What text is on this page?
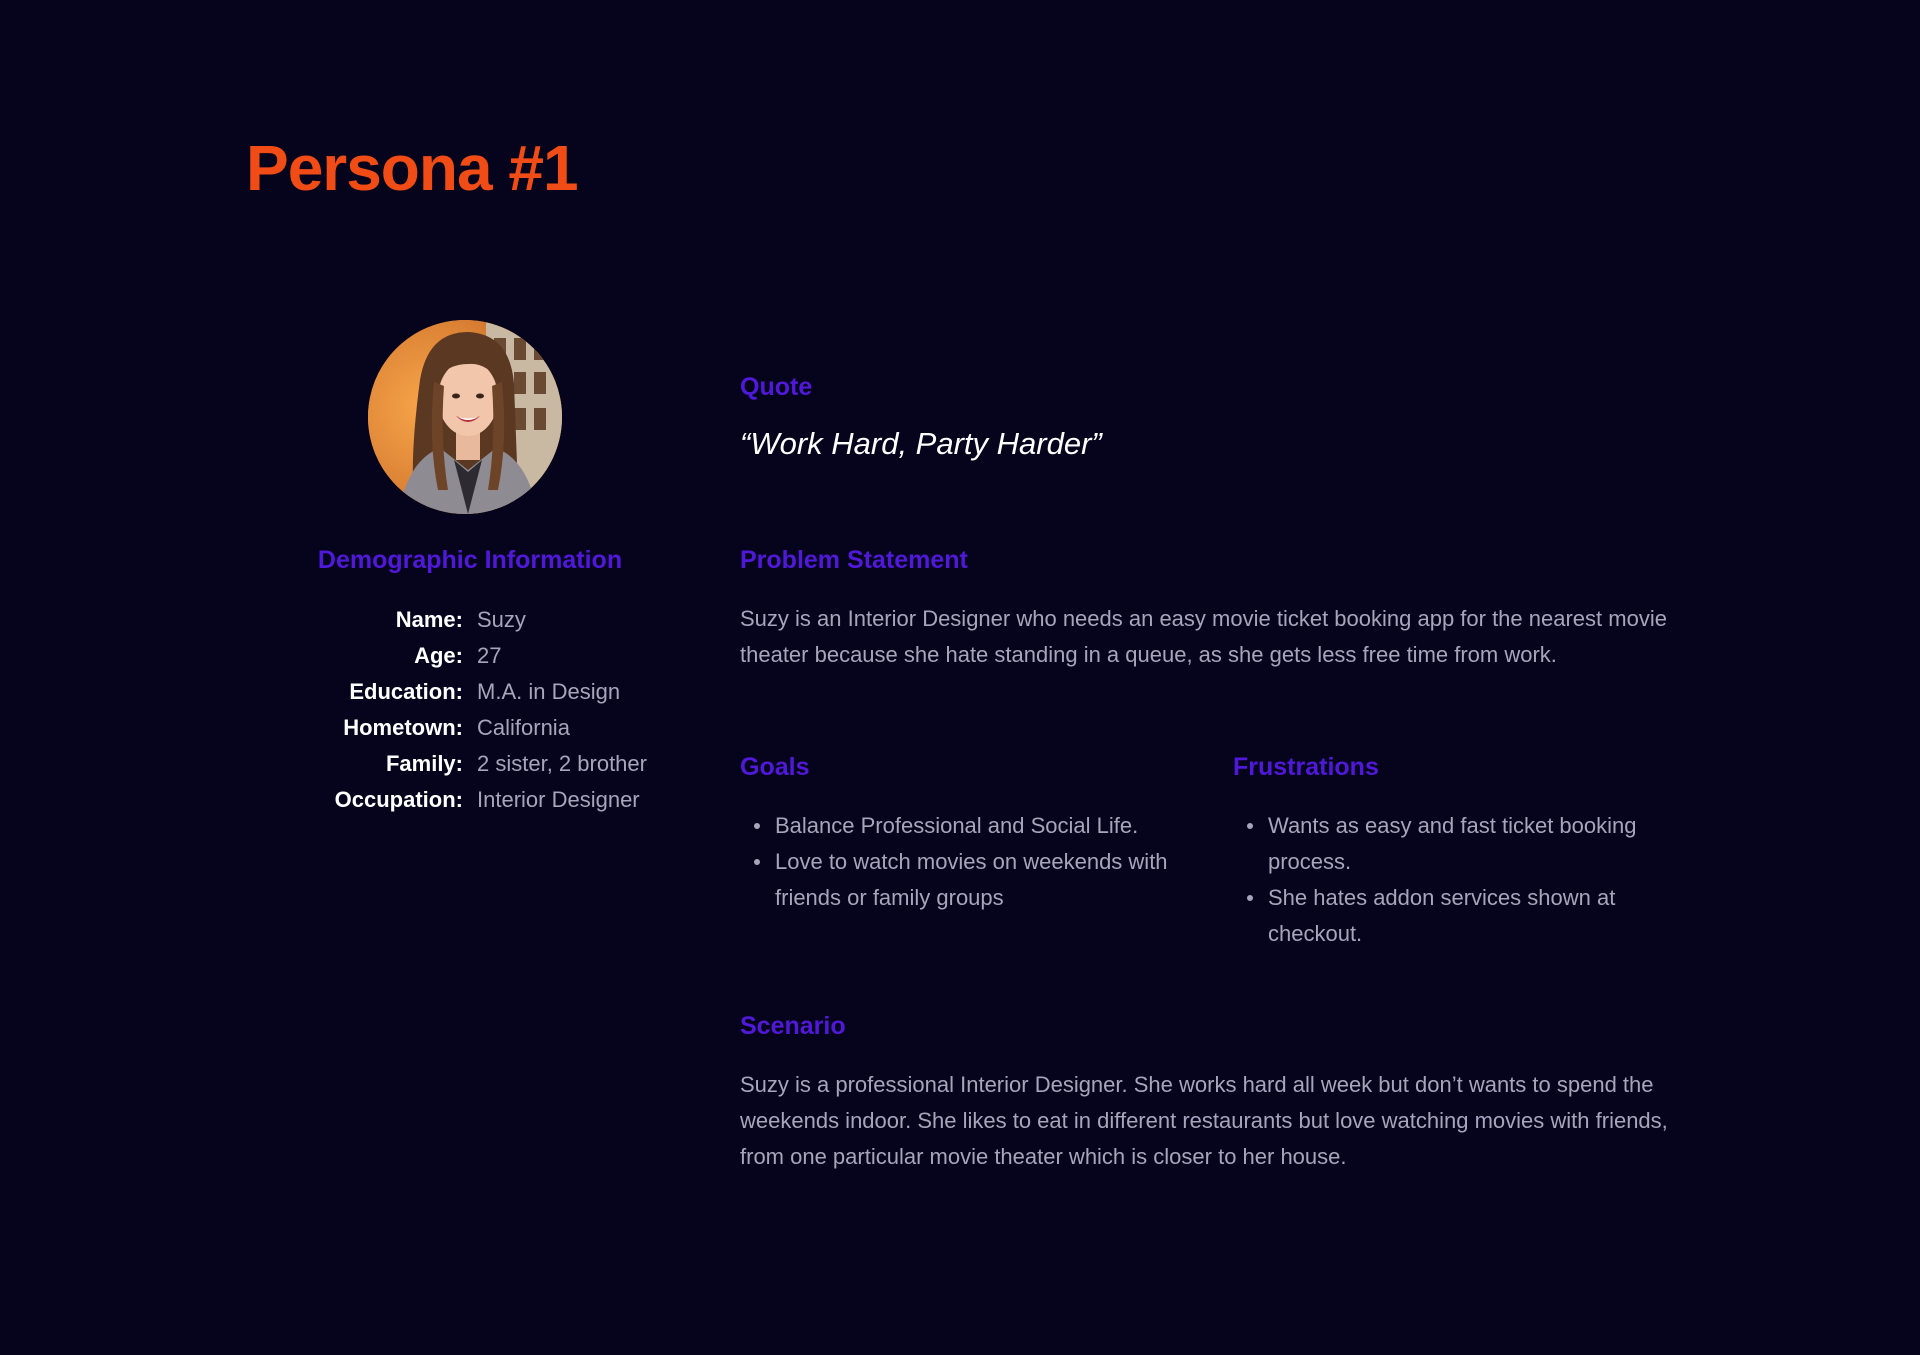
Persona #1
Demographic Information
Name: Suzy
Age: 27
Education: M.A. in Design
Hometown: California
Family: 2 sister, 2 brother
Occupation: Interior Designer
Quote

“Work Hard, Party Harder”

Problem Statement

Suzy is an Interior Designer who needs an easy movie ticket booking app for the nearest movie theater because she hate standing in a queue, as she gets less free time from work.

Goals
Balance Professional and Social Life.
Love to watch movies on weekends with friends or family groups
Frustrations
Wants as easy and fast ticket booking process.
She hates addon services shown at checkout.
Scenario

Suzy is a professional Interior Designer. She works hard all week but don’t wants to spend the weekends indoor. She likes to eat in different restaurants but love watching movies with friends, from one particular movie theater which is closer to her house.
